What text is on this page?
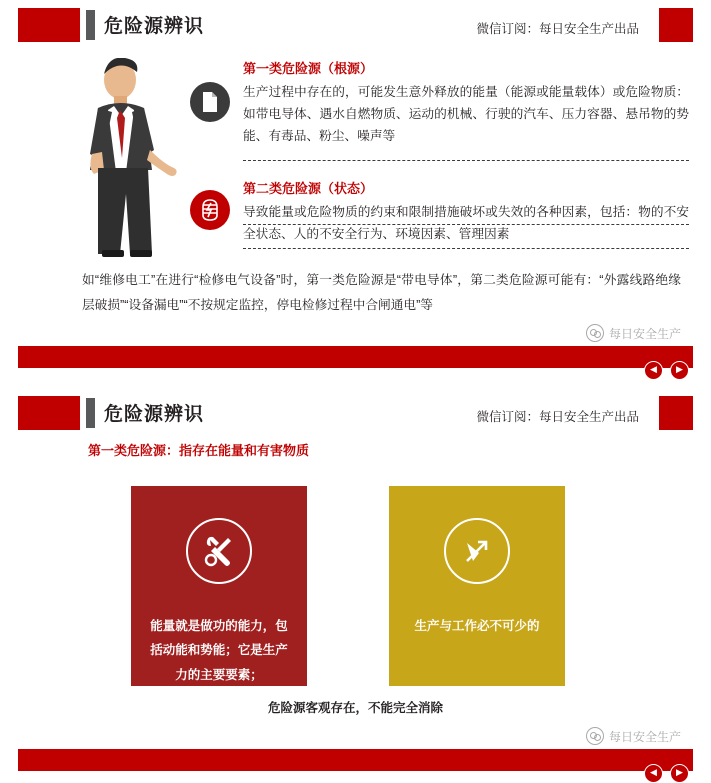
危险源辨识	微信订阅：每日安全生产出品
第一类危险源（根源）
生产过程中存在的，可能发生意外释放的能量（能源或能量载体）或危险物质：如带电导体、遇水自燃物质、运动的机械、行驶的汽车、压力容器、悬吊物的势能、有毒品、粉尘、噪声等
第二类危险源（状态）
导致能量或危险物质的约束和限制措施破坏或失效的各种因素，包括：物的不安全状态、人的不安全行为、环境因素、管理因素
如“维修电工”在进行“检修电气设备”时，第一类危险源是“带电导体”，第二类危险源可能有：“外露线路绝缘层破损”“设备漏电”“不按规定监控，停电检修过程中合闸通电”等
每日安全生产
◀	▶
危险源辨识	微信订阅：每日安全生产出品
第一类危险源：指存在能量和有害物质
能量就是做功的能力，包括动能和势能；它是生产力的主要要素；
生产与工作必不可少的
危险源客观存在，不能完全消除
每日安全生产
◀	▶
